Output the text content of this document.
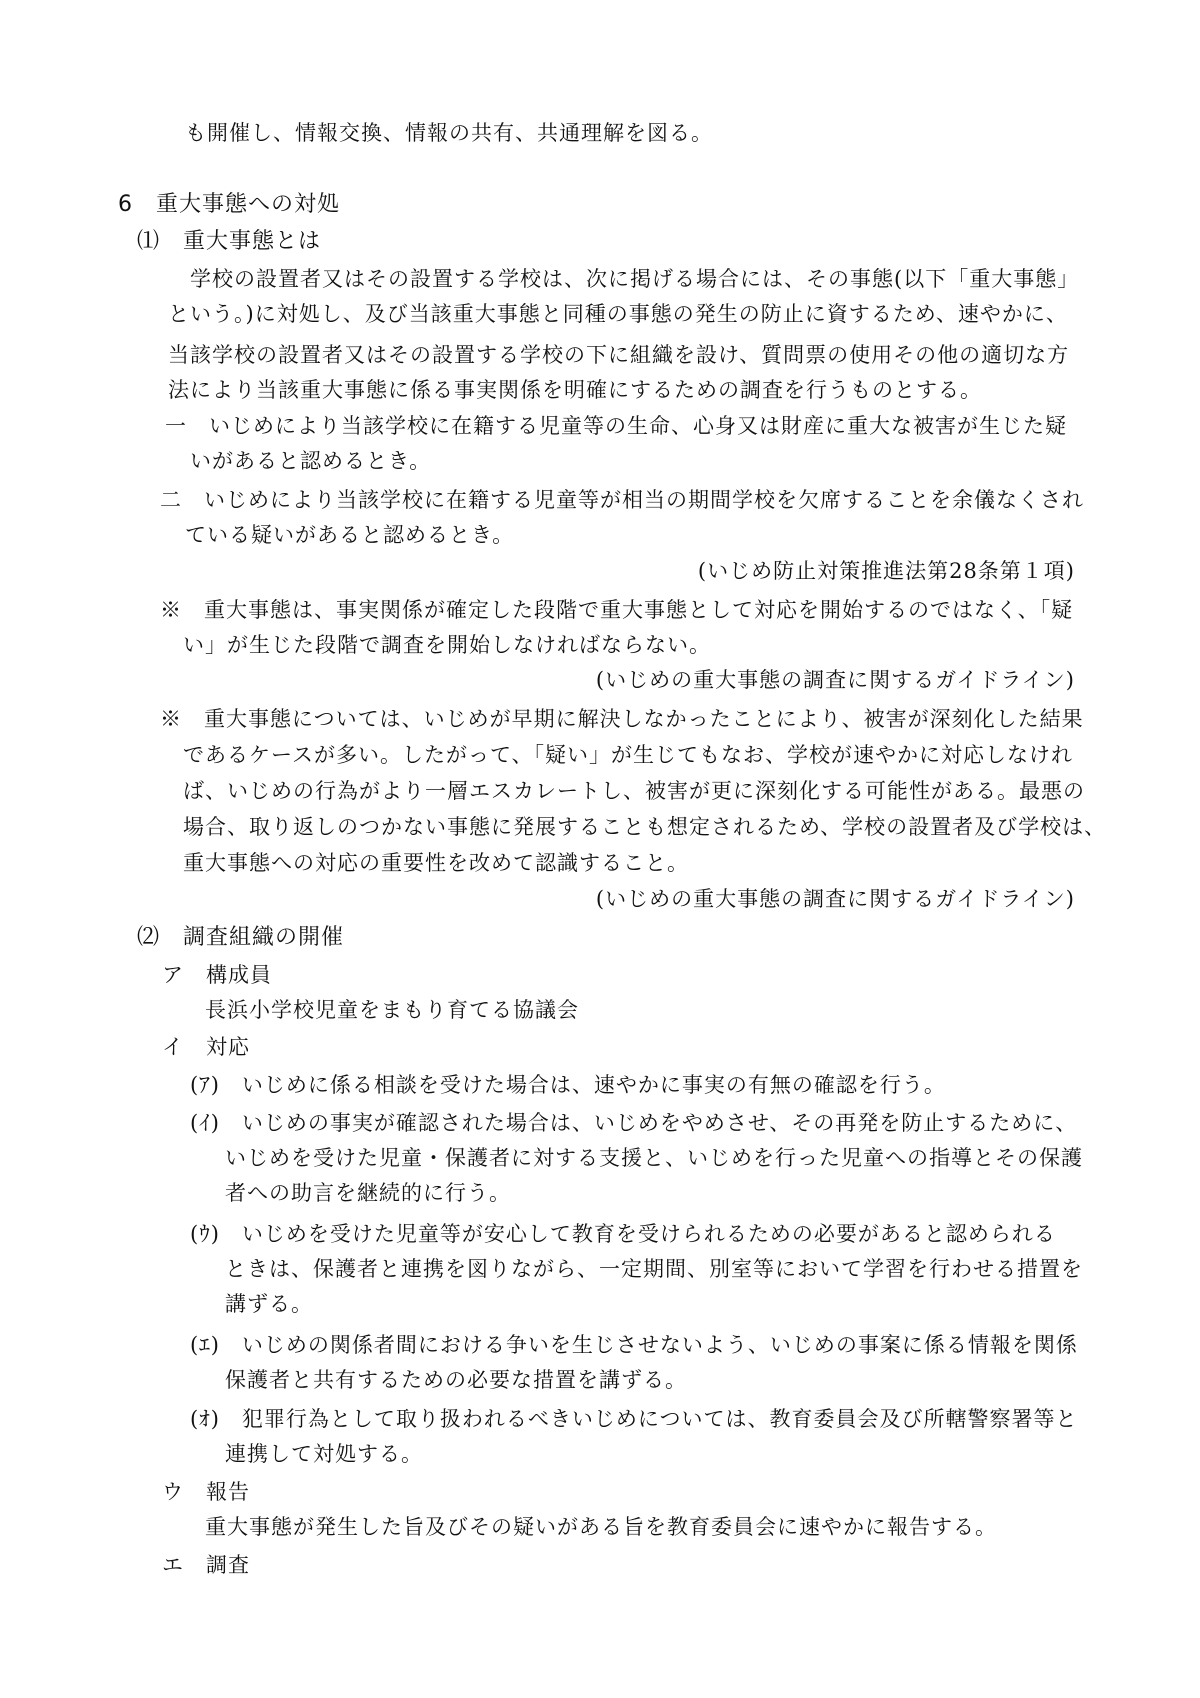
も開催し、情報交換、情報の共有、共通理解を図る。
6　重大事態への対処
⑴　重大事態とは
学校の設置者又はその設置する学校は、次に掲げる場合には、その事態(以下「重大事態」
という。)に対処し、及び当該重大事態と同種の事態の発生の防止に資するため、速やかに、
当該学校の設置者又はその設置する学校の下に組織を設け、質問票の使用その他の適切な方
法により当該重大事態に係る事実関係を明確にするための調査を行うものとする。
一　いじめにより当該学校に在籍する児童等の生命、心身又は財産に重大な被害が生じた疑
いがあると認めるとき。
二　いじめにより当該学校に在籍する児童等が相当の期間学校を欠席することを余儀なくされ
ている疑いがあると認めるとき。
(いじめ防止対策推進法第28条第１項)
※　重大事態は、事実関係が確定した段階で重大事態として対応を開始するのではなく、「疑
い」が生じた段階で調査を開始しなければならない。
(いじめの重大事態の調査に関するガイドライン)
※　重大事態については、いじめが早期に解決しなかったことにより、被害が深刻化した結果
であるケースが多い。したがって、「疑い」が生じてもなお、学校が速やかに対応しなけれ
ば、いじめの行為がより一層エスカレートし、被害が更に深刻化する可能性がある。最悪の
場合、取り返しのつかない事態に発展することも想定されるため、学校の設置者及び学校は、
重大事態への対応の重要性を改めて認識すること。
(いじめの重大事態の調査に関するガイドライン)
⑵　調査組織の開催
ア　構成員
長浜小学校児童をまもり育てる協議会
イ　対応
(ｱ)　いじめに係る相談を受けた場合は、速やかに事実の有無の確認を行う。
(ｲ)　いじめの事実が確認された場合は、いじめをやめさせ、その再発を防止するために、
いじめを受けた児童・保護者に対する支援と、いじめを行った児童への指導とその保護
者への助言を継続的に行う。
(ｳ)　いじめを受けた児童等が安心して教育を受けられるための必要があると認められる
ときは、保護者と連携を図りながら、一定期間、別室等において学習を行わせる措置を
講ずる。
(ｴ)　いじめの関係者間における争いを生じさせないよう、いじめの事案に係る情報を関係
保護者と共有するための必要な措置を講ずる。
(ｵ)　犯罪行為として取り扱われるべきいじめについては、教育委員会及び所轄警察署等と
連携して対処する。
ウ　報告
重大事態が発生した旨及びその疑いがある旨を教育委員会に速やかに報告する。
エ　調査
